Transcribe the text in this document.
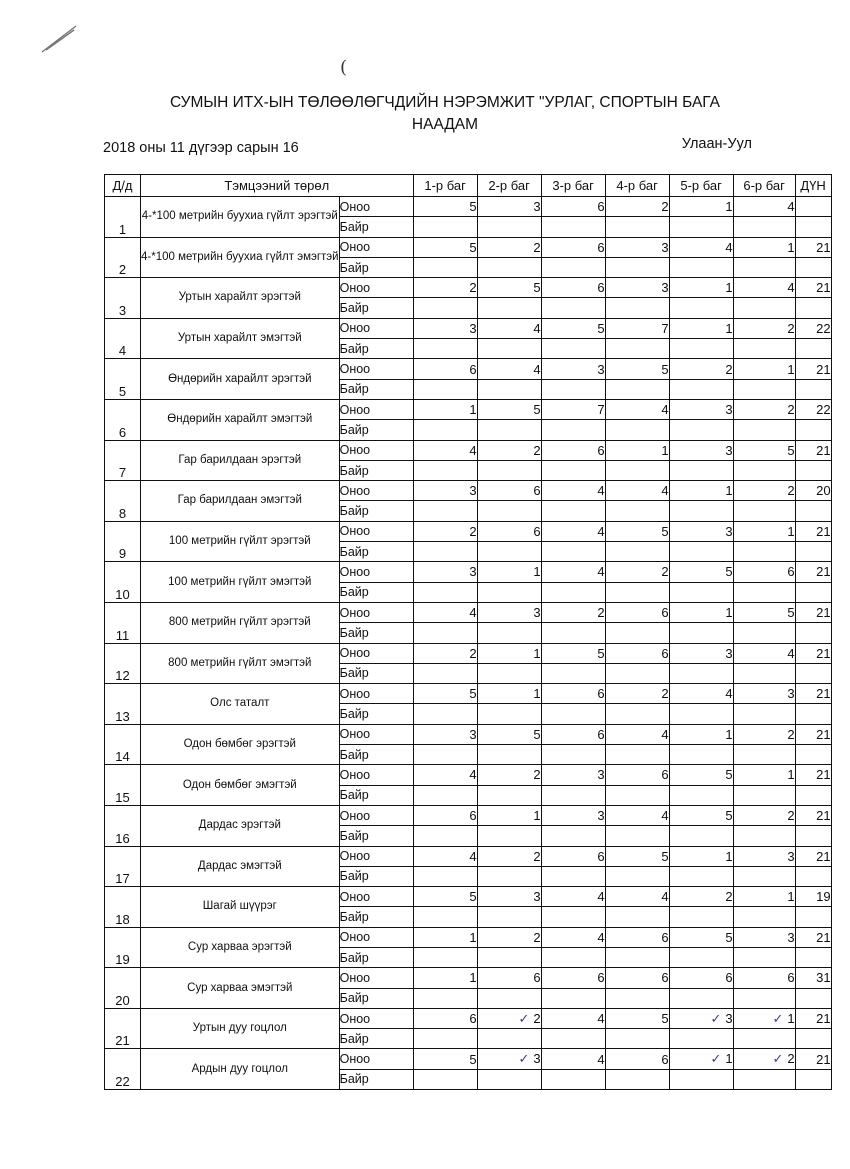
(
СУМЫН ИТХ-ЫН ТӨЛӨӨЛӨГЧДИЙН НЭРЭМЖИТ "УРЛАГ, СПОРТЫН БАГА
НААДАМ
2018 оны 11 дүгээр сарын 16	Улаан-Уул
Д/д	Тэмцээний төрөл		1-р баг	2-р баг	3-р баг	4-р баг	5-р баг	6-р баг	ДҮН
1	4-*100 метрийн буухиа гүйлт эрэгтэй	Оноо	5	3	6	2	1	4	
		Байр							
2	4-*100 метрийн буухиа гүйлт эмэгтэй	Оноо	5	2	6	3	4	1	21
		Байр							
3	Уртын харайлт эрэгтэй	Оноо	2	5	6	3	1	4	21
		Байр							
4	Уртын харайлт эмэгтэй	Оноо	3	4	5	7	1	2	22
		Байр							
5	Өндөрийн харайлт эрэгтэй	Оноо	6	4	3	5	2	1	21
		Байр							
6	Өндөрийн харайлт эмэгтэй	Оноо	1	5	7	4	3	2	22
		Байр							
7	Гар барилдаан эрэгтэй	Оноо	4	2	6	1	3	5	21
		Байр							
8	Гар барилдаан эмэгтэй	Оноо	3	6	4	4	1	2	20
		Байр							
9	100 метрийн гүйлт эрэгтэй	Оноо	2	6	4	5	3	1	21
		Байр							
10	100 метрийн гүйлт эмэгтэй	Оноо	3	1	4	2	5	6	21
		Байр							
11	800 метрийн гүйлт эрэгтэй	Оноо	4	3	2	6	1	5	21
		Байр							
12	800 метрийн гүйлт эмэгтэй	Оноо	2	1	5	6	3	4	21
		Байр							
13	Олс таталт	Оноо	5	1	6	2	4	3	21
		Байр							
14	Одон бөмбөг эрэгтэй	Оноо	3	5	6	4	1	2	21
		Байр							
15	Одон бөмбөг эмэгтэй	Оноо	4	2	3	6	5	1	21
		Байр							
16	Дардас эрэгтэй	Оноо	6	1	3	4	5	2	21
		Байр							
17	Дардас эмэгтэй	Оноо	4	2	6	5	1	3	21
		Байр							
18	Шагай шүүрэг	Оноо	5	3	4	4	2	1	19
		Байр							
19	Сур харваа эрэгтэй	Оноо	1	2	4	6	5	3	21
		Байр							
20	Сур харваа эмэгтэй	Оноо	1	6	6	6	6	6	31
		Байр							
21	Уртын дуу гоцлол	Оноо	6	✓ 2	4	5	✓ 3	✓ 1	21
		Байр							
22	Ардын дуу гоцлол	Оноо	5	✓ 3	4	6	✓ 1	✓ 2	21
		Байр							
